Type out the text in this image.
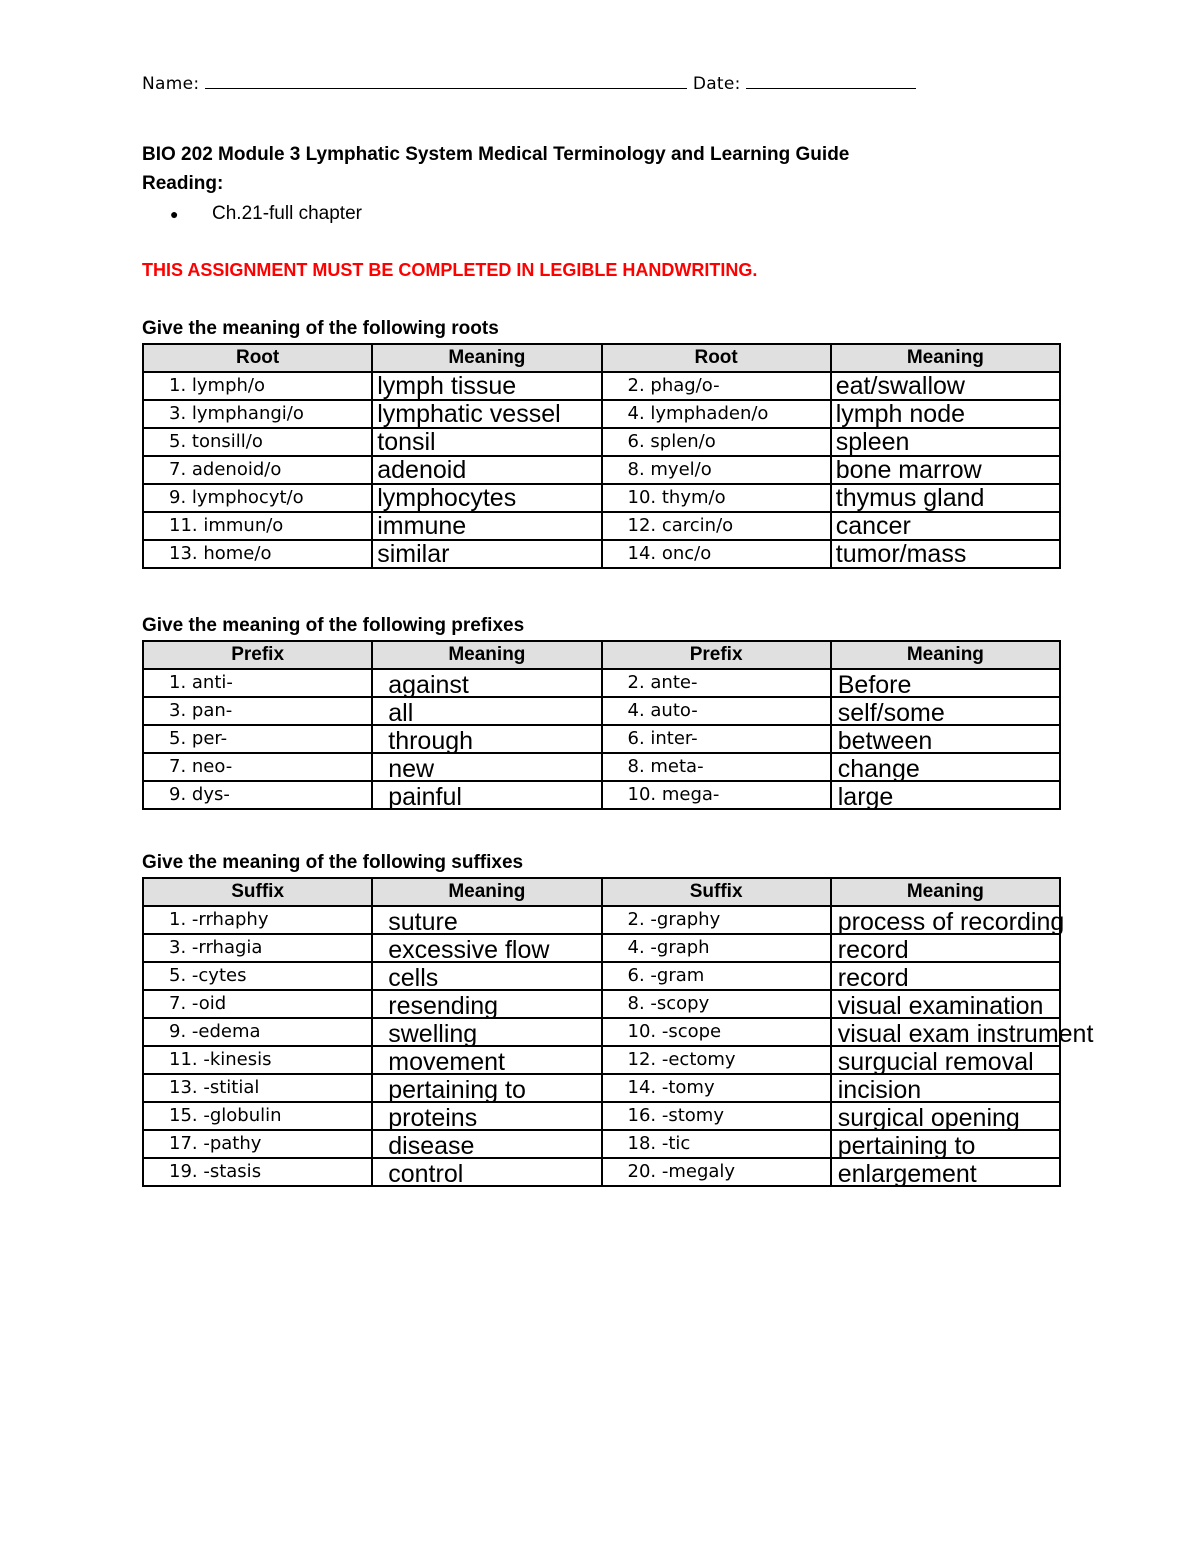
Name:	Date:
BIO 202 Module 3 Lymphatic System Medical Terminology and Learning Guide
Reading:
● Ch.21-full chapter
THIS ASSIGNMENT MUST BE COMPLETED IN LEGIBLE HANDWRITING.
Give the meaning of the following roots
Root	Meaning	Root	Meaning
1. lymph/o	lymph tissue	2. phag/o-	eat/swallow
3. lymphangi/o	lymphatic vessel	4. lymphaden/o	lymph node
5. tonsill/o	tonsil	6. splen/o	spleen
7. adenoid/o	adenoid	8. myel/o	bone marrow
9. lymphocyt/o	lymphocytes	10. thym/o	thymus gland
11. immun/o	immune	12. carcin/o	cancer
13. home/o	similar	14. onc/o	tumor/mass
Give the meaning of the following prefixes
Prefix	Meaning	Prefix	Meaning
1. anti-	against	2. ante-	Before
3. pan-	all	4. auto-	self/some
5. per-	through	6. inter-	between
7. neo-	new	8. meta-	change
9. dys-	painful	10. mega-	large
Give the meaning of the following suffixes
Suffix	Meaning	Suffix	Meaning
1. -rrhaphy	suture	2. -graphy	process of recording
3. -rrhagia	excessive flow	4. -graph	record
5. -cytes	cells	6. -gram	record
7. -oid	resending	8. -scopy	visual examination
9. -edema	swelling	10. -scope	visual exam instrument
11. -kinesis	movement	12. -ectomy	surgucial removal
13. -stitial	pertaining to	14. -tomy	incision
15. -globulin	proteins	16. -stomy	surgical opening
17. -pathy	disease	18. -tic	pertaining to
19. -stasis	control	20. -megaly	enlargement
